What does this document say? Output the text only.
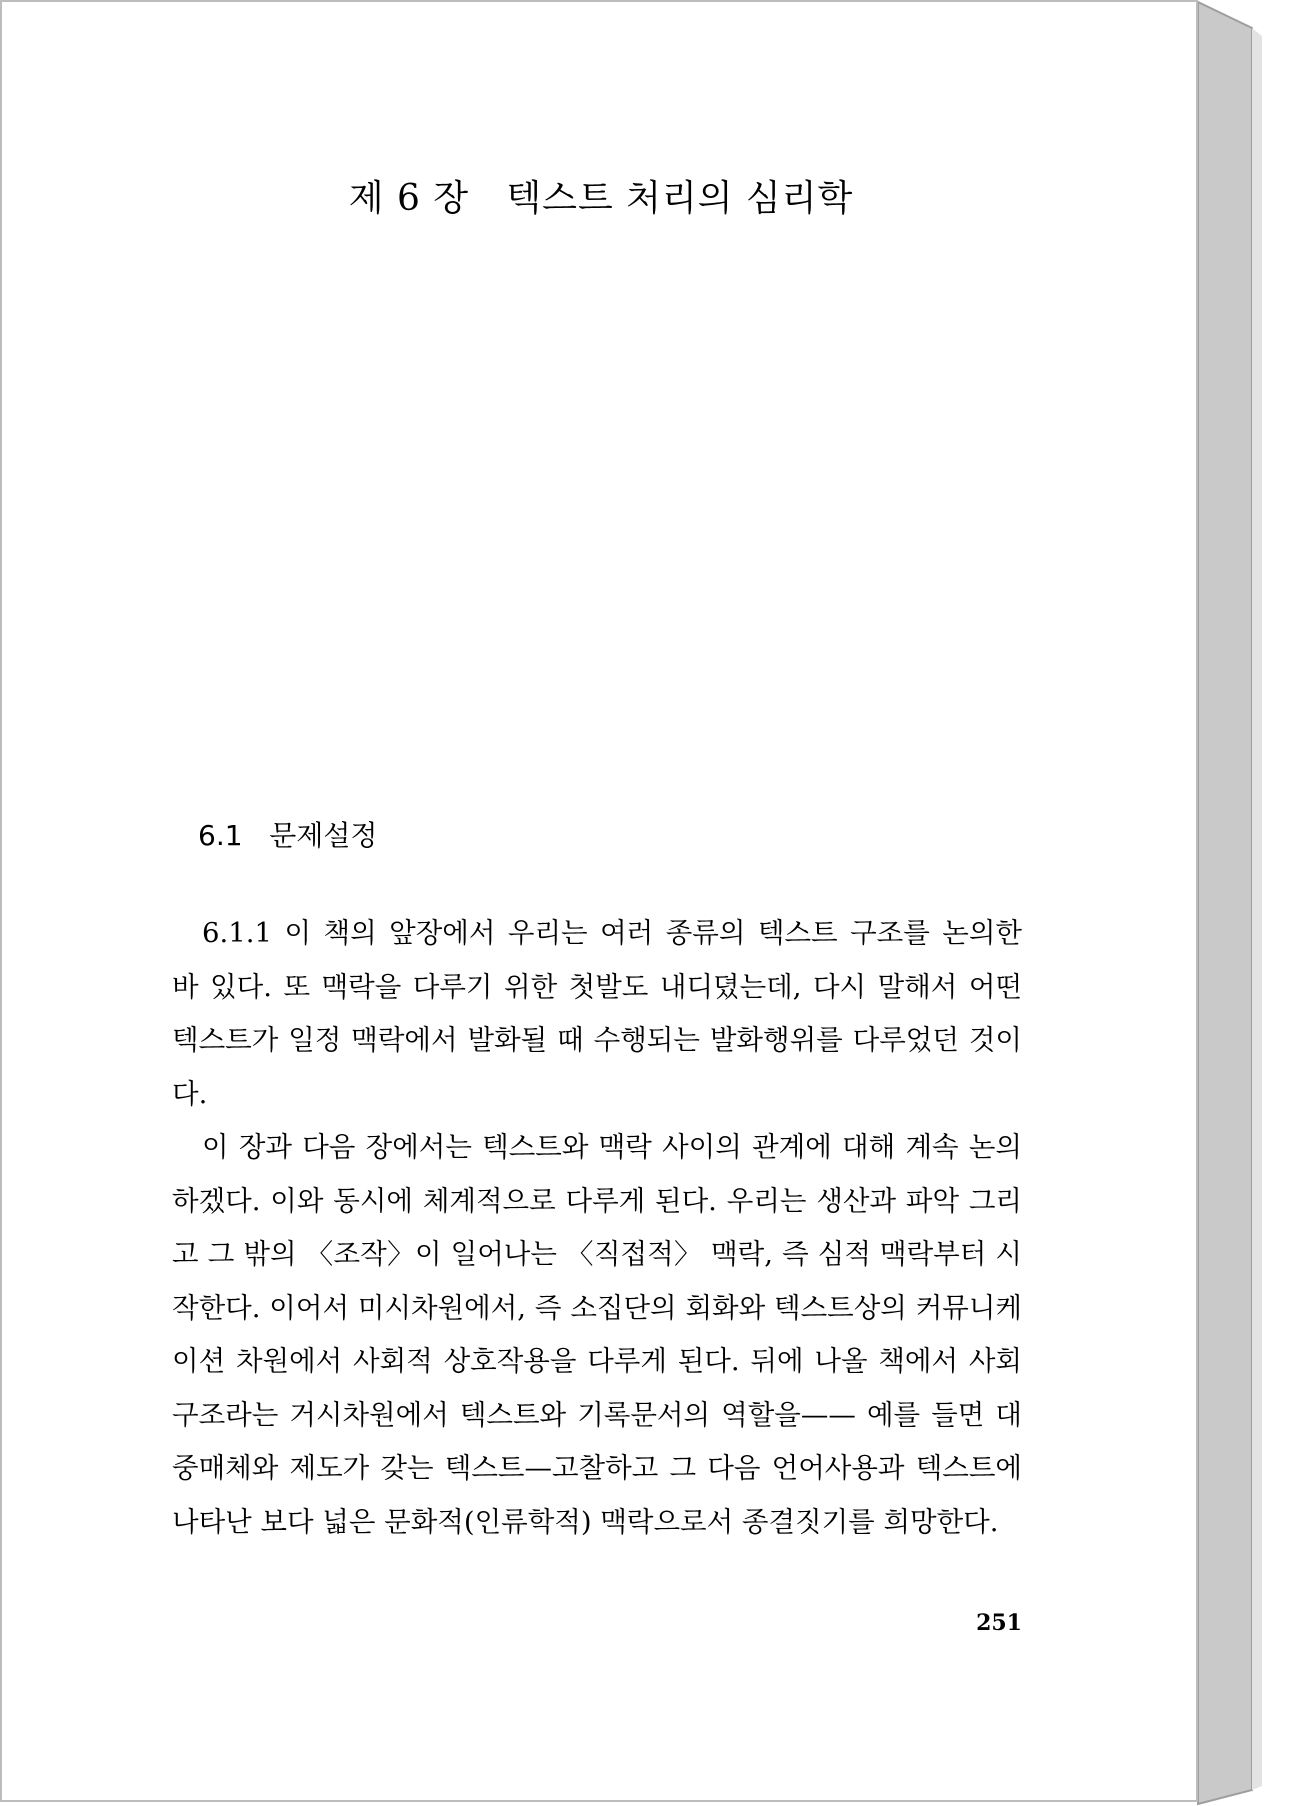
제 6 장   텍스트 처리의 심리학
6.1   문제설정

6.1.1 이 책의 앞장에서 우리는 여러 종류의 텍스트 구조를 논의한 바 있다. 또 맥락을 다루기 위한 첫발도 내디뎠는데, 다시 말해서 어떤 텍스트가 일정 맥락에서 발화될 때 수행되는 발화행위를 다루었던 것이다.

이 장과 다음 장에서는 텍스트와 맥락 사이의 관계에 대해 계속 논의하겠다. 이와 동시에 체계적으로 다루게 된다. 우리는 생산과 파악 그리고 그 밖의 〈조작〉이 일어나는 〈직접적〉 맥락, 즉 심적 맥락부터 시작한다. 이어서 미시차원에서, 즉 소집단의 회화와 텍스트상의 커뮤니케이션 차원에서 사회적 상호작용을 다루게 된다. 뒤에 나올 책에서 사회구조라는 거시차원에서 텍스트와 기록문서의 역할을—— 예를 들면 대중매체와 제도가 갖는 텍스트—고찰하고 그 다음 언어사용과 텍스트에 나타난 보다 넓은 문화적(인류학적) 맥락으로서 종결짓기를 희망한다.

251
